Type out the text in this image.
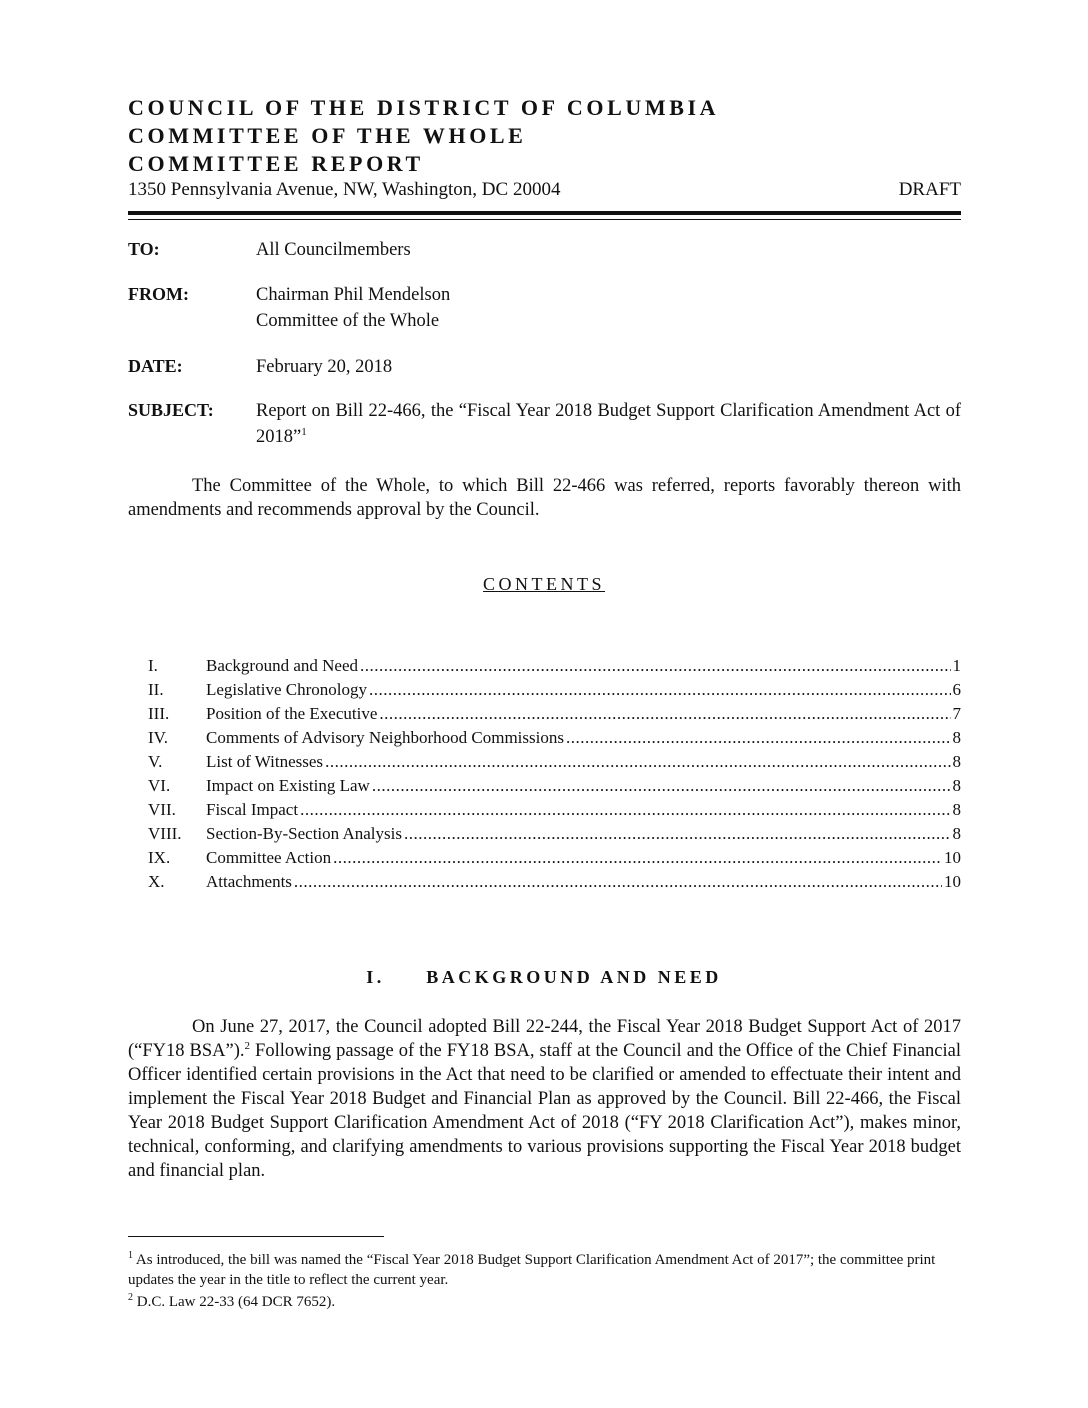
COUNCIL OF THE DISTRICT OF COLUMBIA
COMMITTEE OF THE WHOLE
COMMITTEE REPORT
1350 Pennsylvania Avenue, NW, Washington, DC 20004	DRAFT
TO:	All Councilmembers
FROM:	Chairman Phil Mendelson
Committee of the Whole
DATE:	February 20, 2018
SUBJECT: Report on Bill 22-466, the “Fiscal Year 2018 Budget Support Clarification Amendment Act of 2018”$^1$
The Committee of the Whole, to which Bill 22-466 was referred, reports favorably thereon with amendments and recommends approval by the Council.
CONTENTS
I.	Background and Need .....	1
II.	Legislative Chronology .....	6
III.	Position of the Executive .....	7
IV.	Comments of Advisory Neighborhood Commissions .....	8
V.	List of Witnesses .....	8
VI.	Impact on Existing Law .....	8
VII.	Fiscal Impact .....	8
VIII.	Section-By-Section Analysis .....	8
IX.	Committee Action .....	10
X.	Attachments .....	10
I. BACKGROUND AND NEED
On June 27, 2017, the Council adopted Bill 22-244, the Fiscal Year 2018 Budget Support Act of 2017 (“FY18 BSA”).$^2$ Following passage of the FY18 BSA, staff at the Council and the Office of the Chief Financial Officer identified certain provisions in the Act that need to be clarified or amended to effectuate their intent and implement the Fiscal Year 2018 Budget and Financial Plan as approved by the Council. Bill 22-466, the Fiscal Year 2018 Budget Support Clarification Amendment Act of 2018 (“FY 2018 Clarification Act”), makes minor, technical, conforming, and clarifying amendments to various provisions supporting the Fiscal Year 2018 budget and financial plan.
$^1$ As introduced, the bill was named the “Fiscal Year 2018 Budget Support Clarification Amendment Act of 2017”; the committee print updates the year in the title to reflect the current year.
$^2$ D.C. Law 22-33 (64 DCR 7652).
